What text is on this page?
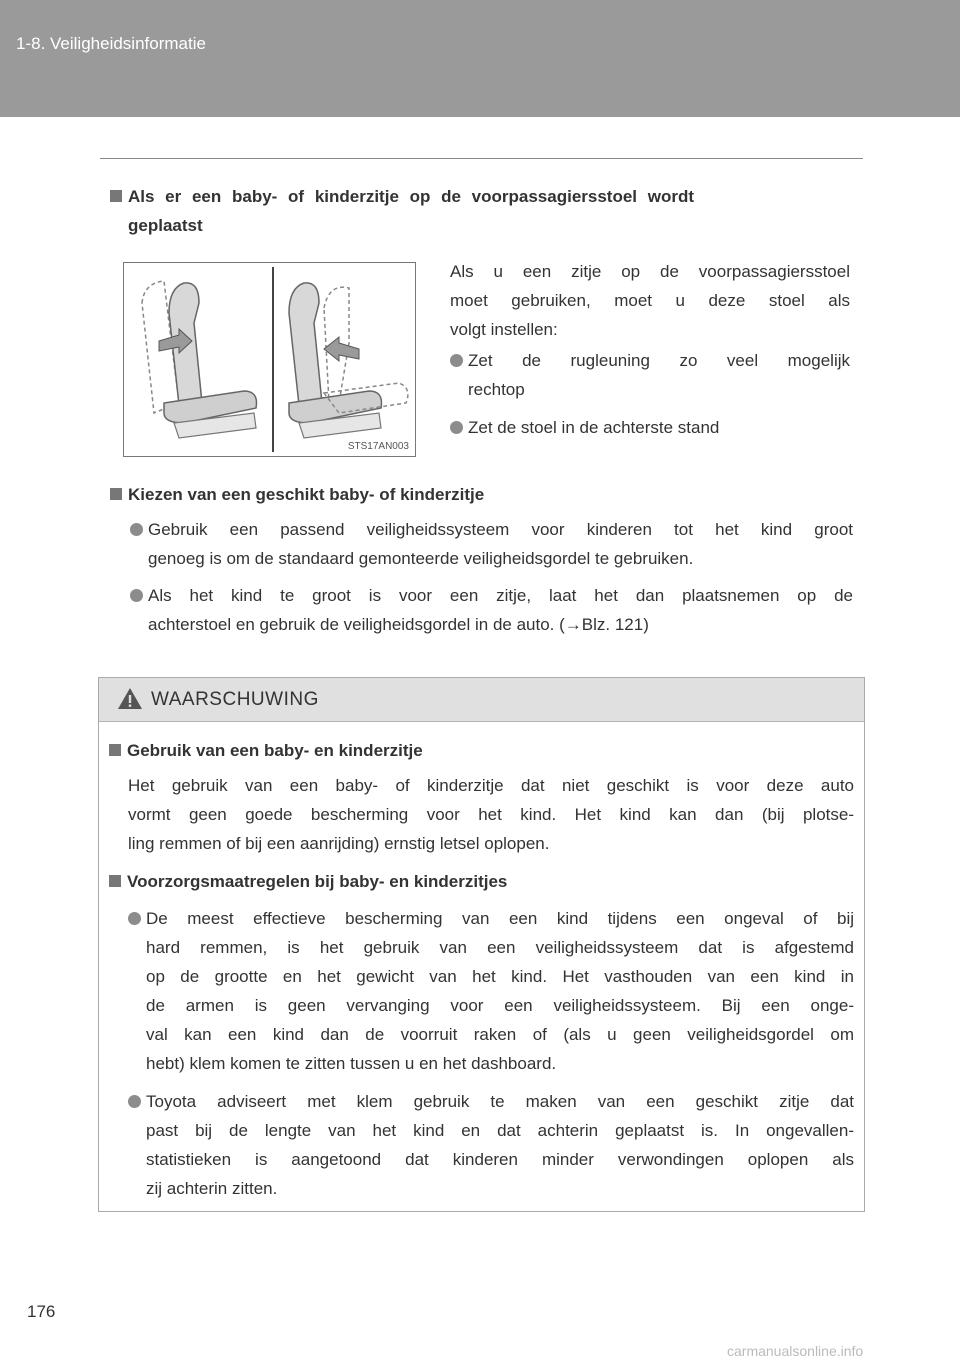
1-8. Veiligheidsinformatie
Als er een baby- of kinderzitje op de voorpassagiersstoel wordt
geplaatst
STS17AN003
Als u een zitje op de voorpassagiersstoel
moet gebruiken, moet u deze stoel als
volgt instellen:
Zet de rugleuning zo veel mogelijk
rechtop
Zet de stoel in de achterste stand
Kiezen van een geschikt baby- of kinderzitje
Gebruik een passend veiligheidssysteem voor kinderen tot het kind groot
genoeg is om de standaard gemonteerde veiligheidsgordel te gebruiken.
Als het kind te groot is voor een zitje, laat het dan plaatsnemen op de
achterstoel en gebruik de veiligheidsgordel in de auto. (→Blz. 121)
WAARSCHUWING
Gebruik van een baby- en kinderzitje
Het gebruik van een baby- of kinderzitje dat niet geschikt is voor deze auto
vormt geen goede bescherming voor het kind. Het kind kan dan (bij plotse-
ling remmen of bij een aanrijding) ernstig letsel oplopen.
Voorzorgsmaatregelen bij baby- en kinderzitjes
De meest effectieve bescherming van een kind tijdens een ongeval of bij
hard remmen, is het gebruik van een veiligheidssysteem dat is afgestemd
op de grootte en het gewicht van het kind. Het vasthouden van een kind in
de armen is geen vervanging voor een veiligheidssysteem. Bij een onge-
val kan een kind dan de voorruit raken of (als u geen veiligheidsgordel om
hebt) klem komen te zitten tussen u en het dashboard.
Toyota adviseert met klem gebruik te maken van een geschikt zitje dat
past bij de lengte van het kind en dat achterin geplaatst is. In ongevallen-
statistieken is aangetoond dat kinderen minder verwondingen oplopen als
zij achterin zitten.
176
carmanualsonline.info
